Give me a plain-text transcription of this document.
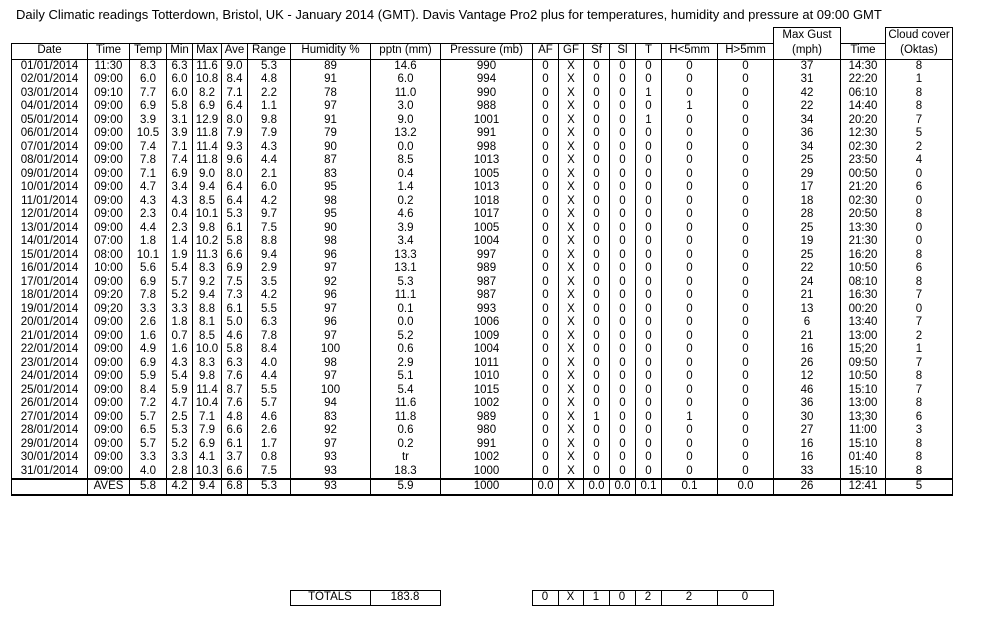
Daily Climatic readings Totterdown, Bristol, UK - January 2014 (GMT). Davis Vantage Pro2 plus for temperatures, humidity and pressure at 09:00 GMT
																	Max Gust		Cloud cover
Date	Time	Temp	Min	Max	Ave	Range	Humidity %	pptn (mm)	Pressure (mb)	AF	GF	Sf	Sl	T	H<5mm	H>5mm	(mph)	Time	(Oktas)
01/01/2014	11:30	8.3	6.3	11.6	9.0	5.3	89	14.6	990	0	X	0	0	0	0	0	37	14:30	8
02/01/2014	09:00	6.0	6.0	10.8	8.4	4.8	91	6.0	994	0	X	0	0	0	0	0	31	22:20	1
03/01/2014	09:10	7.7	6.0	8.2	7.1	2.2	78	11.0	990	0	X	0	0	1	0	0	42	06:10	8
04/01/2014	09:00	6.9	5.8	6.9	6.4	1.1	97	3.0	988	0	X	0	0	0	1	0	22	14:40	8
05/01/2014	09:00	3.9	3.1	12.9	8.0	9.8	91	9.0	1001	0	X	0	0	1	0	0	34	20:20	7
06/01/2014	09:00	10.5	3.9	11.8	7.9	7.9	79	13.2	991	0	X	0	0	0	0	0	36	12:30	5
07/01/2014	09:00	7.4	7.1	11.4	9.3	4.3	90	0.0	998	0	X	0	0	0	0	0	34	02:30	2
08/01/2014	09:00	7.8	7.4	11.8	9.6	4.4	87	8.5	1013	0	X	0	0	0	0	0	25	23:50	4
09/01/2014	09:00	7.1	6.9	9.0	8.0	2.1	83	0.4	1005	0	X	0	0	0	0	0	29	00:50	0
10/01/2014	09:00	4.7	3.4	9.4	6.4	6.0	95	1.4	1013	0	X	0	0	0	0	0	17	21:20	6
11/01/2014	09:00	4.3	4.3	8.5	6.4	4.2	98	0.2	1018	0	X	0	0	0	0	0	18	02:30	0
12/01/2014	09:00	2.3	0.4	10.1	5.3	9.7	95	4.6	1017	0	X	0	0	0	0	0	28	20:50	8
13/01/2014	09:00	4.4	2.3	9.8	6.1	7.5	90	3.9	1005	0	X	0	0	0	0	0	25	13:30	0
14/01/2014	07:00	1.8	1.4	10.2	5.8	8.8	98	3.4	1004	0	X	0	0	0	0	0	19	21:30	0
15/01/2014	08:00	10.1	1.9	11.3	6.6	9.4	96	13.3	997	0	X	0	0	0	0	0	25	16:20	8
16/01/2014	10:00	5.6	5.4	8.3	6.9	2.9	97	13.1	989	0	X	0	0	0	0	0	22	10:50	6
17/01/2014	09:00	6.9	5.7	9.2	7.5	3.5	92	5.3	987	0	X	0	0	0	0	0	24	08:10	8
18/01/2014	09:20	7.8	5.2	9.4	7.3	4.2	96	11.1	987	0	X	0	0	0	0	0	21	16:30	7
19/01/2014	09;20	3.3	3.3	8.8	6.1	5.5	97	0.1	993	0	X	0	0	0	0	0	13	00:20	0
20/01/2014	09:00	2.6	1.8	8.1	5.0	6.3	96	0.0	1006	0	X	0	0	0	0	0	6	13:40	7
21/01/2014	09:00	1.6	0.7	8.5	4.6	7.8	97	5.2	1009	0	X	0	0	0	0	0	21	13:00	2
22/01/2014	09:00	4.9	1.6	10.0	5.8	8.4	100	0.6	1004	0	X	0	0	0	0	0	16	15;20	1
23/01/2014	09:00	6.9	4.3	8.3	6.3	4.0	98	2.9	1011	0	X	0	0	0	0	0	26	09:50	7
24/01/2014	09:00	5.9	5.4	9.8	7.6	4.4	97	5.1	1010	0	X	0	0	0	0	0	12	10:50	8
25/01/2014	09:00	8.4	5.9	11.4	8.7	5.5	100	5.4	1015	0	X	0	0	0	0	0	46	15:10	7
26/01/2014	09:00	7.2	4.7	10.4	7.6	5.7	94	11.6	1002	0	X	0	0	0	0	0	36	13:00	8
27/01/2014	09:00	5.7	2.5	7.1	4.8	4.6	83	11.8	989	0	X	1	0	0	1	0	30	13;30	6
28/01/2014	09:00	6.5	5.3	7.9	6.6	2.6	92	0.6	980	0	X	0	0	0	0	0	27	11:00	3
29/01/2014	09:00	5.7	5.2	6.9	6.1	1.7	97	0.2	991	0	X	0	0	0	0	0	16	15:10	8
30/01/2014	09:00	3.3	3.3	4.1	3.7	0.8	93	tr	1002	0	X	0	0	0	0	0	16	01:40	8
31/01/2014	09:00	4.0	2.8	10.3	6.6	7.5	93	18.3	1000	0	X	0	0	0	0	0	33	15:10	8
	AVES	5.8	4.2	9.4	6.8	5.3	93	5.9	1000	0.0	X	0.0	0.0	0.1	0.1	0.0	26	12:41	5
							TOTALS	183.8		0	X	1	0	2	2	0
